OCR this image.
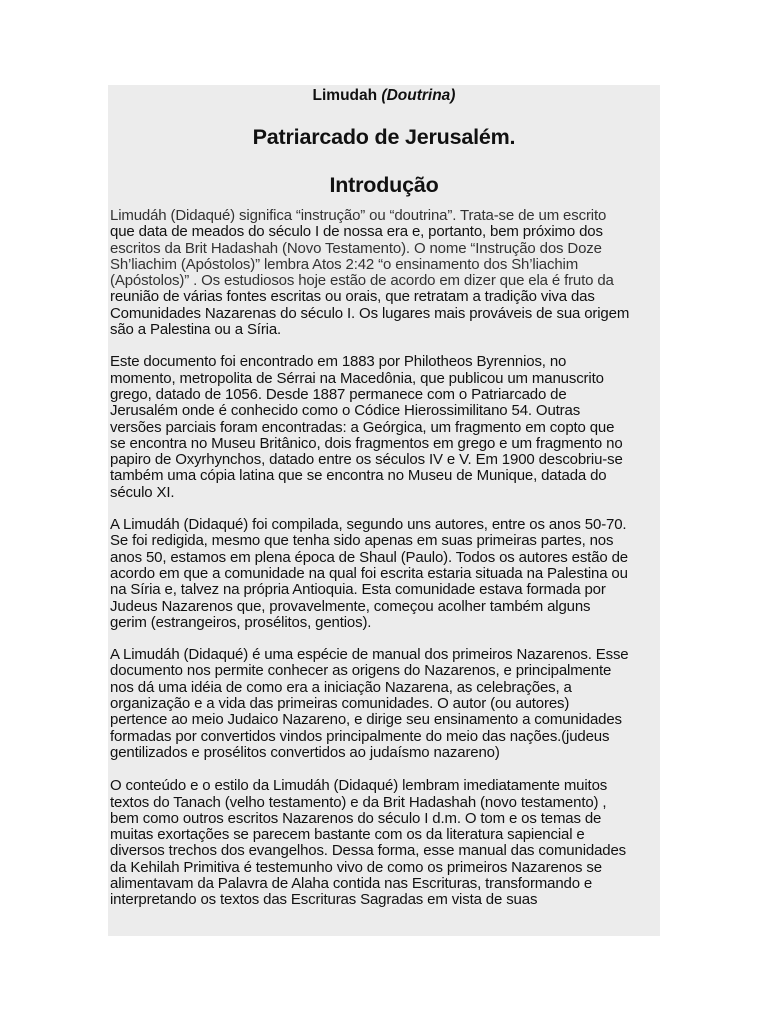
Limudah (Doutrina)
Patriarcado de Jerusalém.
Introdução

Limudáh (Didaqué) significa “instrução” ou “doutrina”. Trata-se de um escrito
que data de meados do século I de nossa era e, portanto, bem próximo dos
escritos da Brit Hadashah (Novo Testamento). O nome “Instrução dos Doze
Sh’liachim (Apóstolos)” lembra Atos 2:42 “o ensinamento dos Sh’liachim
(Apóstolos)” . Os estudiosos hoje estão de acordo em dizer que ela é fruto da
reunião de várias fontes escritas ou orais, que retratam a tradição viva das
Comunidades Nazarenas do século I. Os lugares mais prováveis de sua origem
são a Palestina ou a Síria.

Este documento foi encontrado em 1883 por Philotheos Byrennios, no
momento, metropolita de Sérrai na Macedônia, que publicou um manuscrito
grego, datado de 1056. Desde 1887 permanece com o Patriarcado de
Jerusalém onde é conhecido como o Códice Hierossimilitano 54. Outras
versões parciais foram encontradas: a Geórgica, um fragmento em copto que
se encontra no Museu Britânico, dois fragmentos em grego e um fragmento no
papiro de Oxyrhynchos, datado entre os séculos IV e V. Em 1900 descobriu-se
também uma cópia latina que se encontra no Museu de Munique, datada do
século XI.

A Limudáh (Didaqué) foi compilada, segundo uns autores, entre os anos 50-70.
Se foi redigida, mesmo que tenha sido apenas em suas primeiras partes, nos
anos 50, estamos em plena época de Shaul (Paulo). Todos os autores estão de
acordo em que a comunidade na qual foi escrita estaria situada na Palestina ou
na Síria e, talvez na própria Antioquia. Esta comunidade estava formada por
Judeus Nazarenos que, provavelmente, começou acolher também alguns
gerim (estrangeiros, prosélitos, gentios).

A Limudáh (Didaqué) é uma espécie de manual dos primeiros Nazarenos. Esse
documento nos permite conhecer as origens do Nazarenos, e principalmente
nos dá uma idéia de como era a iniciação Nazarena, as celebrações, a
organização e a vida das primeiras comunidades. O autor (ou autores)
pertence ao meio Judaico Nazareno, e dirige seu ensinamento a comunidades
formadas por convertidos vindos principalmente do meio das nações.(judeus
gentilizados e prosélitos convertidos ao judaísmo nazareno)

O conteúdo e o estilo da Limudáh (Didaqué) lembram imediatamente muitos
textos do Tanach (velho testamento) e da Brit Hadashah (novo testamento) ,
bem como outros escritos Nazarenos do século I d.m. O tom e os temas de
muitas exortações se parecem bastante com os da literatura sapiencial e
diversos trechos dos evangelhos. Dessa forma, esse manual das comunidades
da Kehilah Primitiva é testemunho vivo de como os primeiros Nazarenos se
alimentavam da Palavra de Alaha contida nas Escrituras, transformando e
interpretando os textos das Escrituras Sagradas em vista de suas
